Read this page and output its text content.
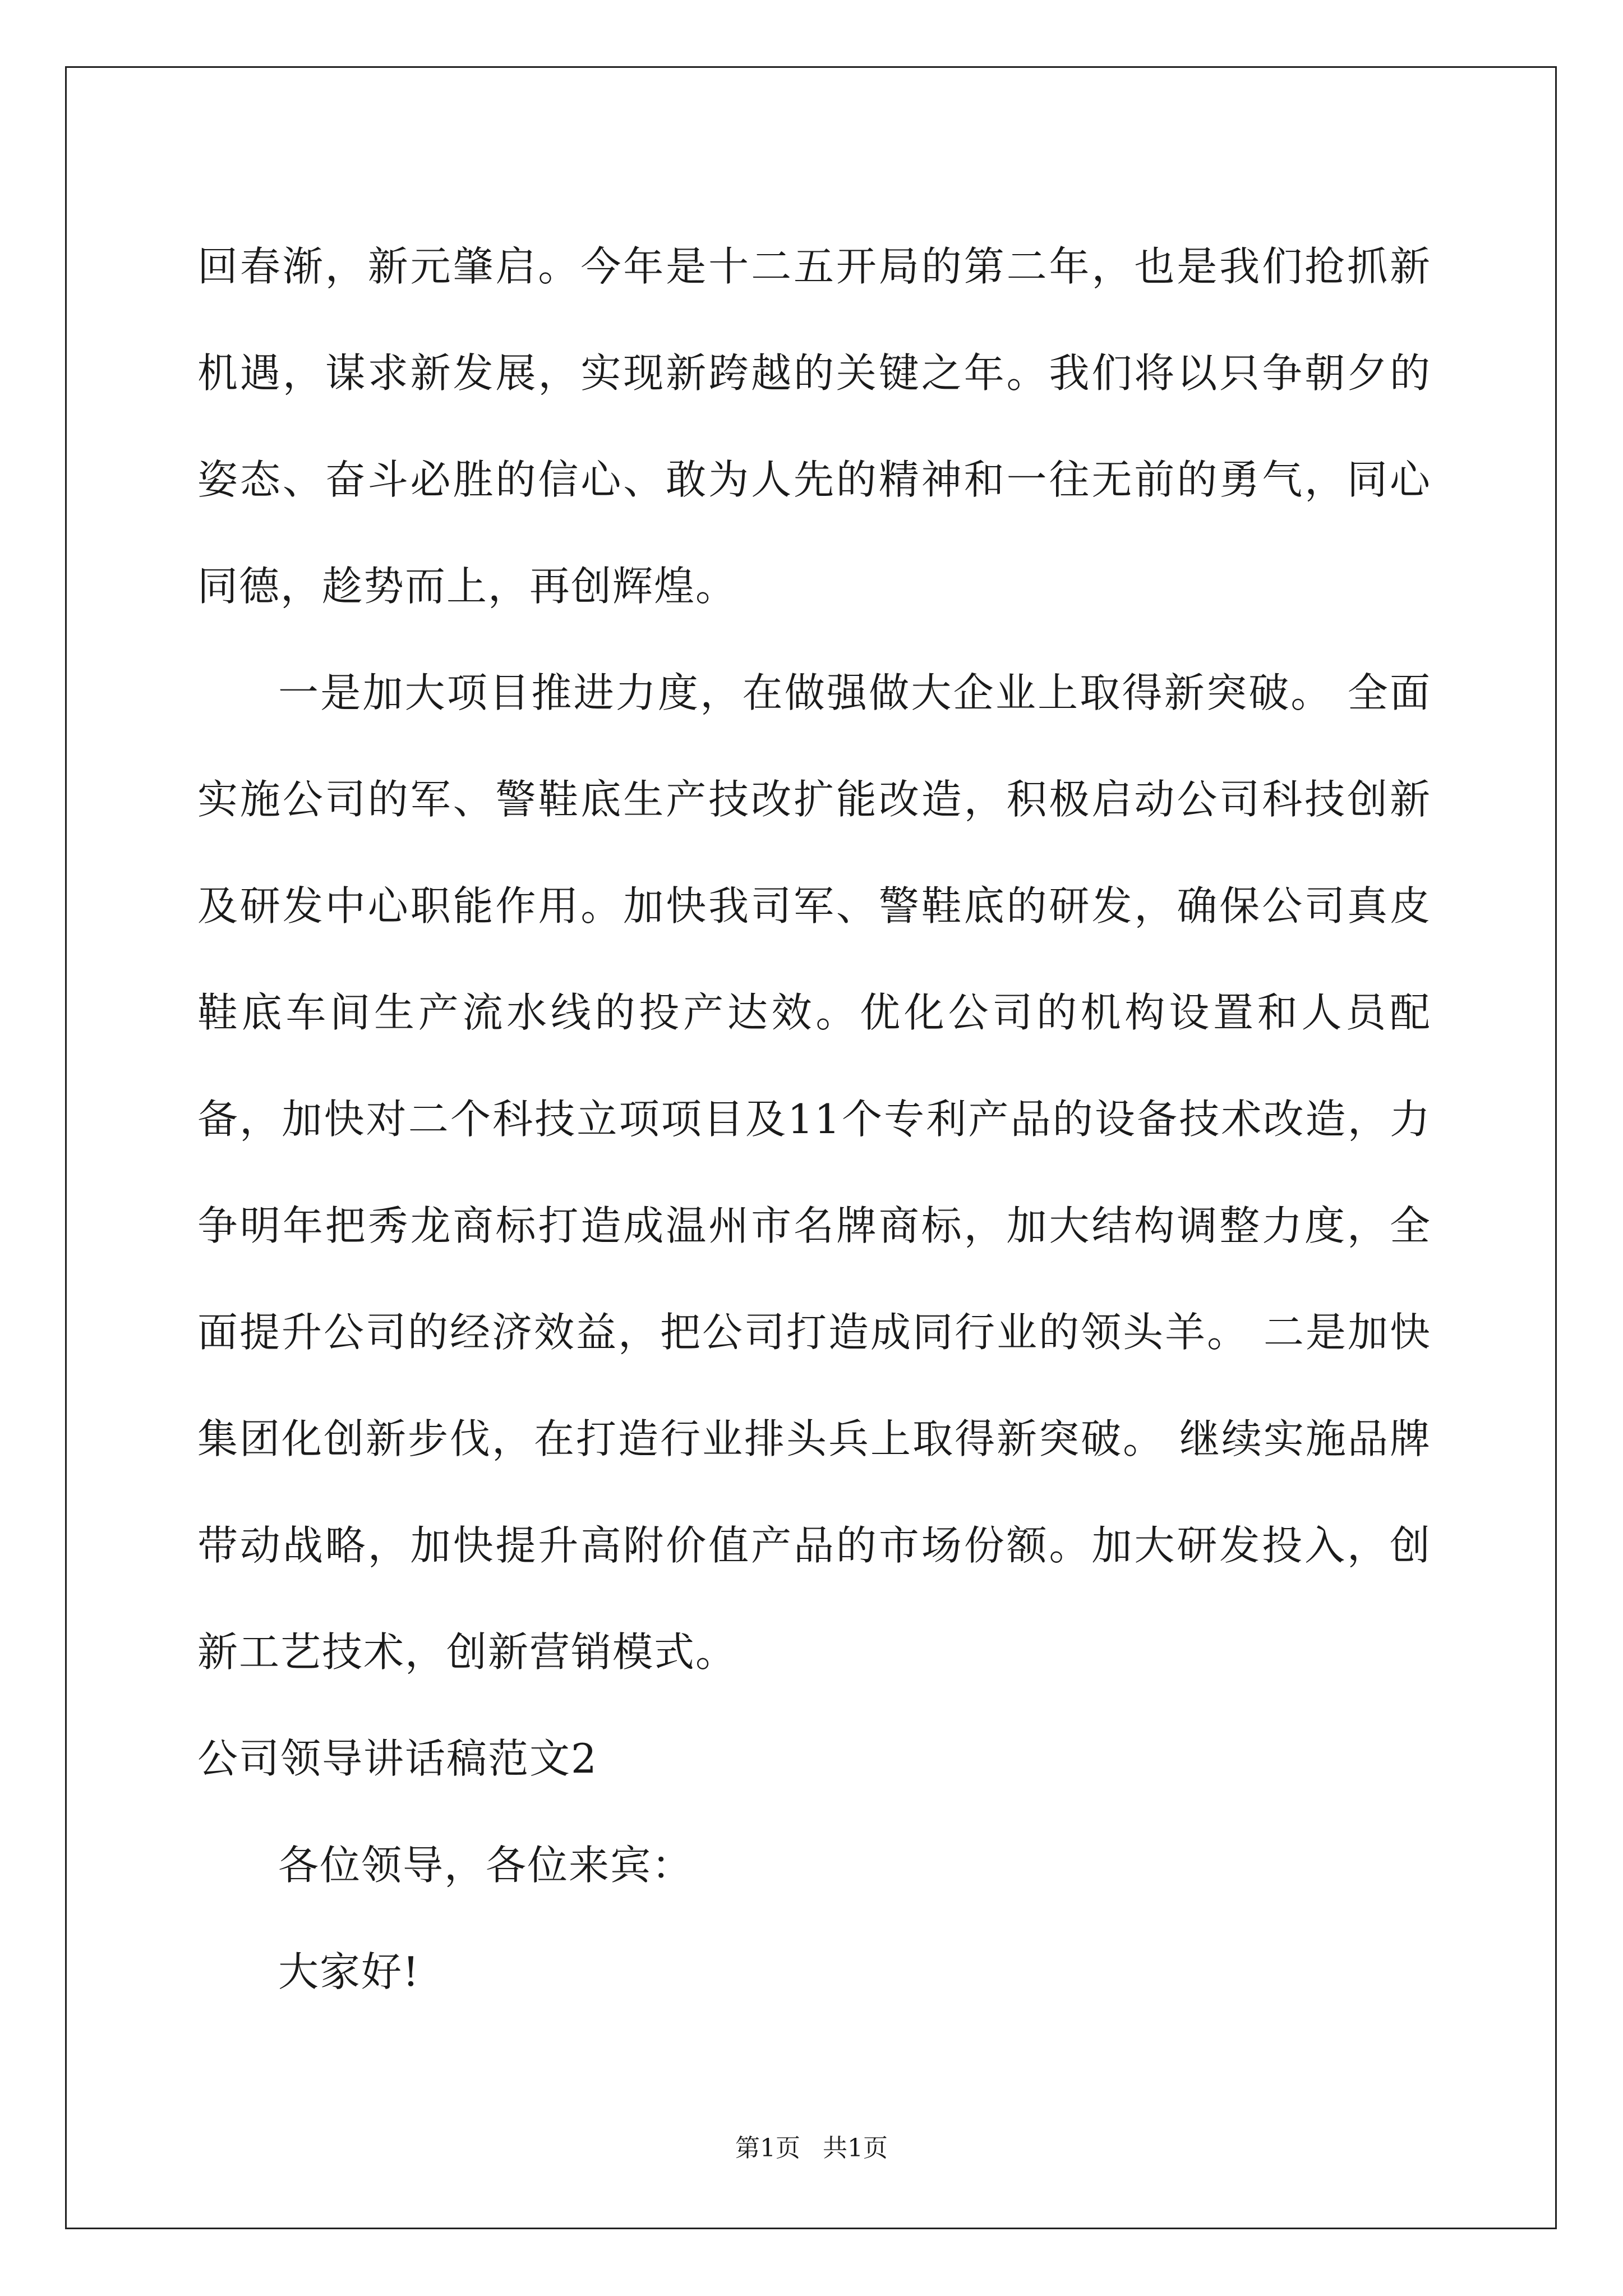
回春渐，新元肇启。今年是十二五开局的第二年，也是我们抢抓新机遇，谋求新发展，实现新跨越的关键之年。我们将以只争朝夕的姿态、奋斗必胜的信心、敢为人先的精神和一往无前的勇气，同心同德，趁势而上，再创辉煌。

一是加大项目推进力度，在做强做大企业上取得新突破。 全面实施公司的军、警鞋底生产技改扩能改造，积极启动公司科技创新及研发中心职能作用。加快我司军、警鞋底的研发，确保公司真皮鞋底车间生产流水线的投产达效。优化公司的机构设置和人员配备，加快对二个科技立项项目及11个专利产品的设备技术改造，力争明年把秀龙商标打造成温州市名牌商标，加大结构调整力度，全面提升公司的经济效益，把公司打造成同行业的领头羊。 二是加快集团化创新步伐，在打造行业排头兵上取得新突破。 继续实施品牌带动战略，加快提升高附价值产品的市场份额。加大研发投入，创新工艺技术，创新营销模式。

公司领导讲话稿范文2

各位领导，各位来宾：

大家好!

第1页 共1页
